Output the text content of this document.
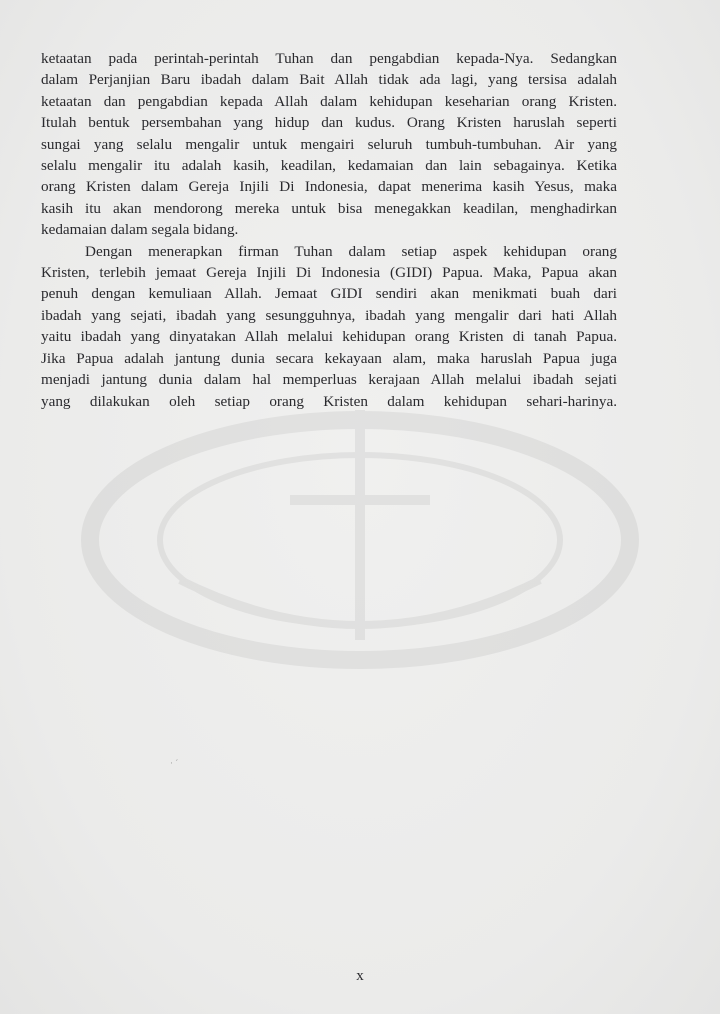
ketaatan pada perintah-perintah Tuhan dan pengabdian kepada-Nya. Sedangkan
dalam Perjanjian Baru ibadah dalam Bait Allah tidak ada lagi, yang tersisa adalah
ketaatan dan pengabdian kepada Allah dalam kehidupan keseharian orang Kristen.
Itulah bentuk persembahan yang hidup dan kudus. Orang Kristen haruslah seperti
sungai yang selalu mengalir untuk mengairi seluruh tumbuh-tumbuhan. Air yang
selalu mengalir itu adalah kasih, keadilan, kedamaian dan lain sebagainya. Ketika
orang Kristen dalam Gereja Injili Di Indonesia, dapat menerima kasih Yesus, maka
kasih itu akan mendorong mereka untuk bisa menegakkan keadilan, menghadirkan
kedamaian dalam segala bidang.

Dengan menerapkan firman Tuhan dalam setiap aspek kehidupan orang
Kristen, terlebih jemaat Gereja Injili Di Indonesia (GIDI) Papua. Maka, Papua akan
penuh dengan kemuliaan Allah. Jemaat GIDI sendiri akan menikmati buah dari
ibadah yang sejati, ibadah yang sesungguhnya, ibadah yang mengalir dari hati Allah
yaitu ibadah yang dinyatakan Allah melalui kehidupan orang Kristen di tanah Papua.
Jika Papua adalah jantung dunia secara kekayaan alam, maka haruslah Papua juga
menjadi jantung dunia dalam hal memperluas kerajaan Allah melalui ibadah sejati
yang dilakukan oleh setiap orang Kristen dalam kehidupan sehari-harinya.

· ˊ
x
